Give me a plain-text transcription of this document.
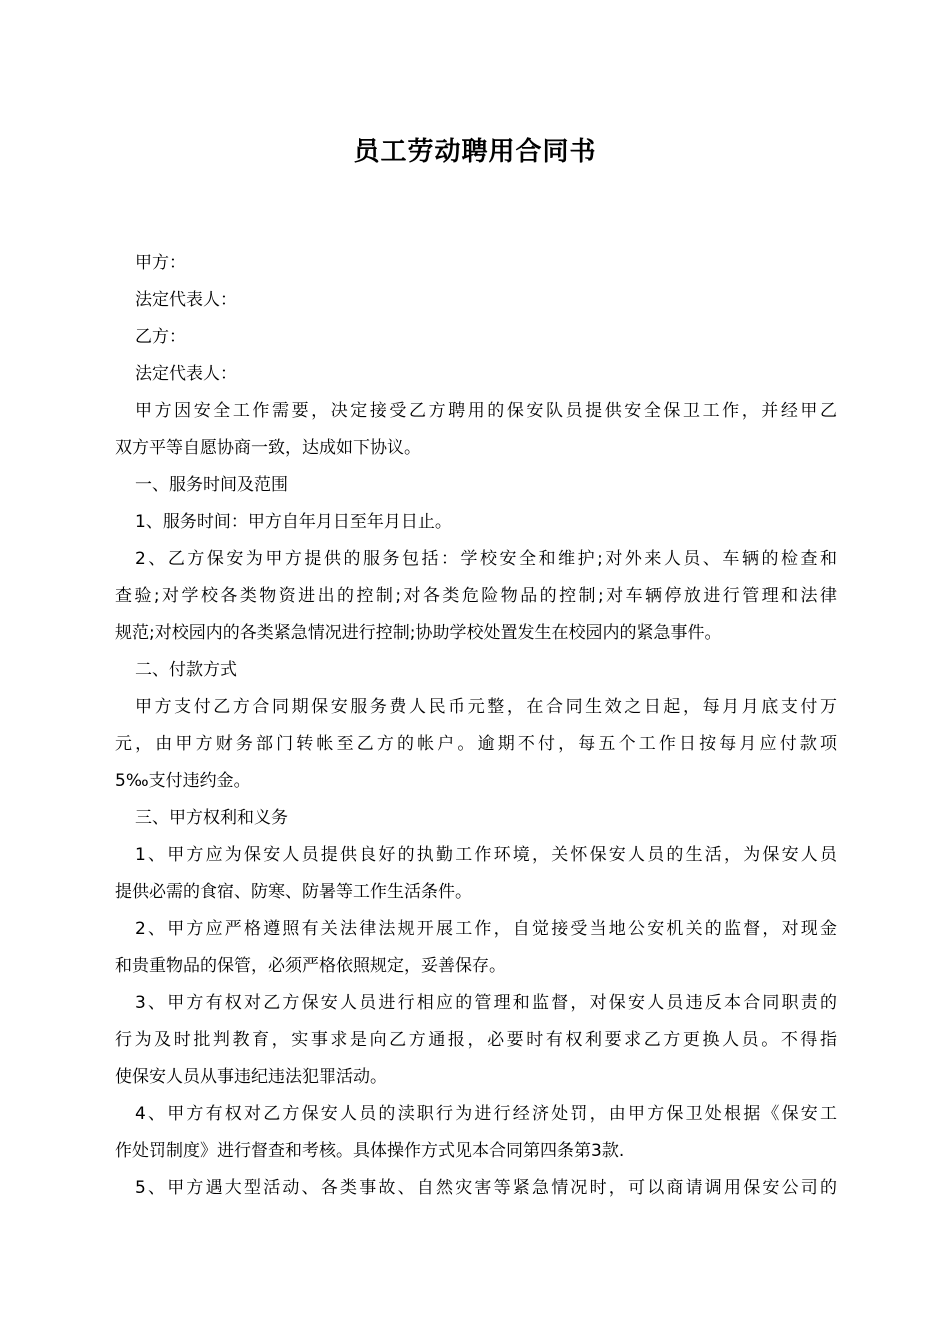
员工劳动聘用合同书
甲方：
法定代表人：
乙方：
法定代表人：
甲方因安全工作需要，决定接受乙方聘用的保安队员提供安全保卫工作，并经甲乙
双方平等自愿协商一致，达成如下协议。
一、服务时间及范围
1、服务时间：甲方自年月日至年月日止。
2、乙方保安为甲方提供的服务包括：学校安全和维护;对外来人员、车辆的检查和
查验;对学校各类物资进出的控制;对各类危险物品的控制;对车辆停放进行管理和法律
规范;对校园内的各类紧急情况进行控制;协助学校处置发生在校园内的紧急事件。
二、付款方式
甲方支付乙方合同期保安服务费人民币元整，在合同生效之日起，每月月底支付万
元，由甲方财务部门转帐至乙方的帐户。逾期不付，每五个工作日按每月应付款项
5‰支付违约金。
三、甲方权利和义务
1、甲方应为保安人员提供良好的执勤工作环境，关怀保安人员的生活，为保安人员
提供必需的食宿、防寒、防暑等工作生活条件。
2、甲方应严格遵照有关法律法规开展工作，自觉接受当地公安机关的监督，对现金
和贵重物品的保管，必须严格依照规定，妥善保存。
3、甲方有权对乙方保安人员进行相应的管理和监督，对保安人员违反本合同职责的
行为及时批判教育，实事求是向乙方通报，必要时有权利要求乙方更换人员。不得指
使保安人员从事违纪违法犯罪活动。
4、甲方有权对乙方保安人员的渎职行为进行经济处罚，由甲方保卫处根据《保安工
作处罚制度》进行督查和考核。具体操作方式见本合同第四条第3款.
5、甲方遇大型活动、各类事故、自然灾害等紧急情况时，可以商请调用保安公司的
